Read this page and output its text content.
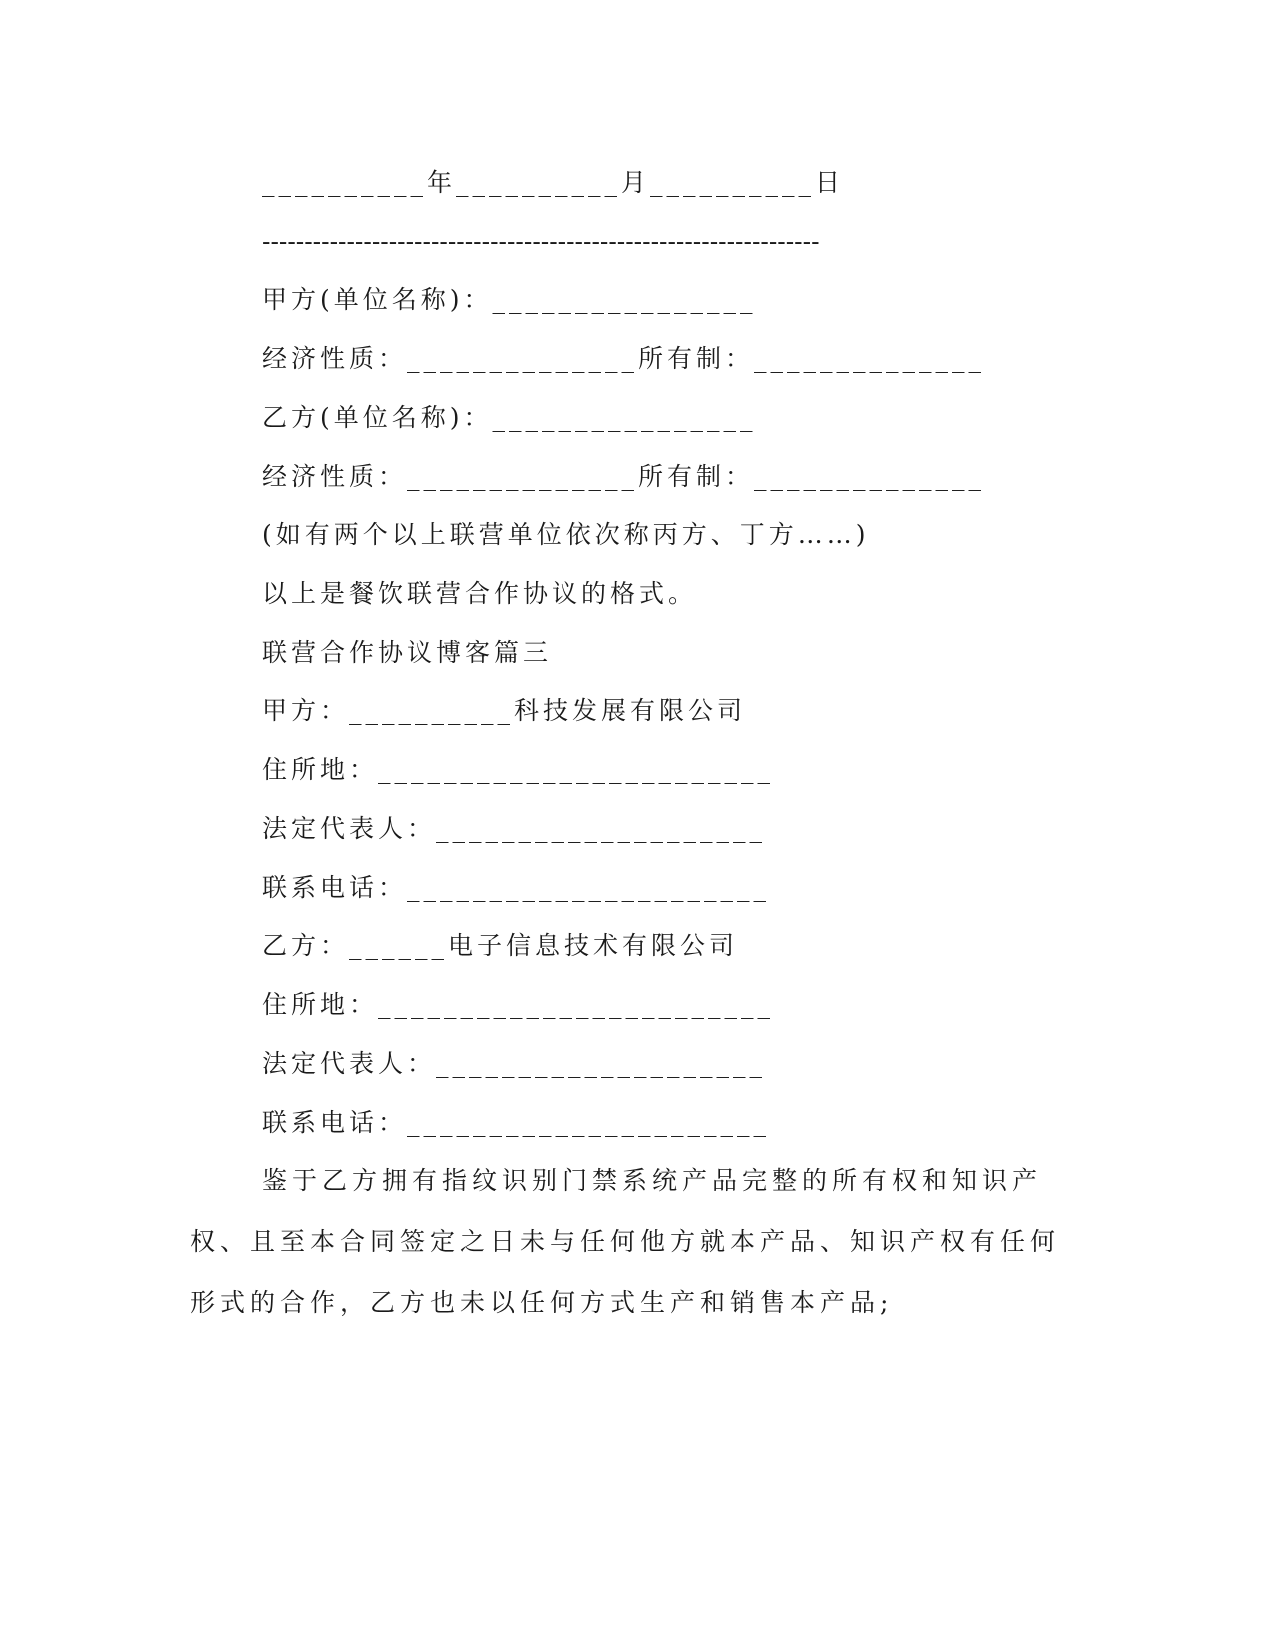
__________年__________月__________日
------------------------------------------------------------------
甲方(单位名称)：________________
经济性质：______________所有制：______________
乙方(单位名称)：________________
经济性质：______________所有制：______________
(如有两个以上联营单位依次称丙方、丁方……)
以上是餐饮联营合作协议的格式。
联营合作协议博客篇三
甲方：__________科技发展有限公司
住所地：________________________
法定代表人：____________________
联系电话：______________________
乙方：______电子信息技术有限公司
住所地：________________________
法定代表人：____________________
联系电话：______________________
鉴于乙方拥有指纹识别门禁系统产品完整的所有权和知识产权、且至本合同签定之日未与任何他方就本产品、知识产权有任何形式的合作，乙方也未以任何方式生产和销售本产品;
